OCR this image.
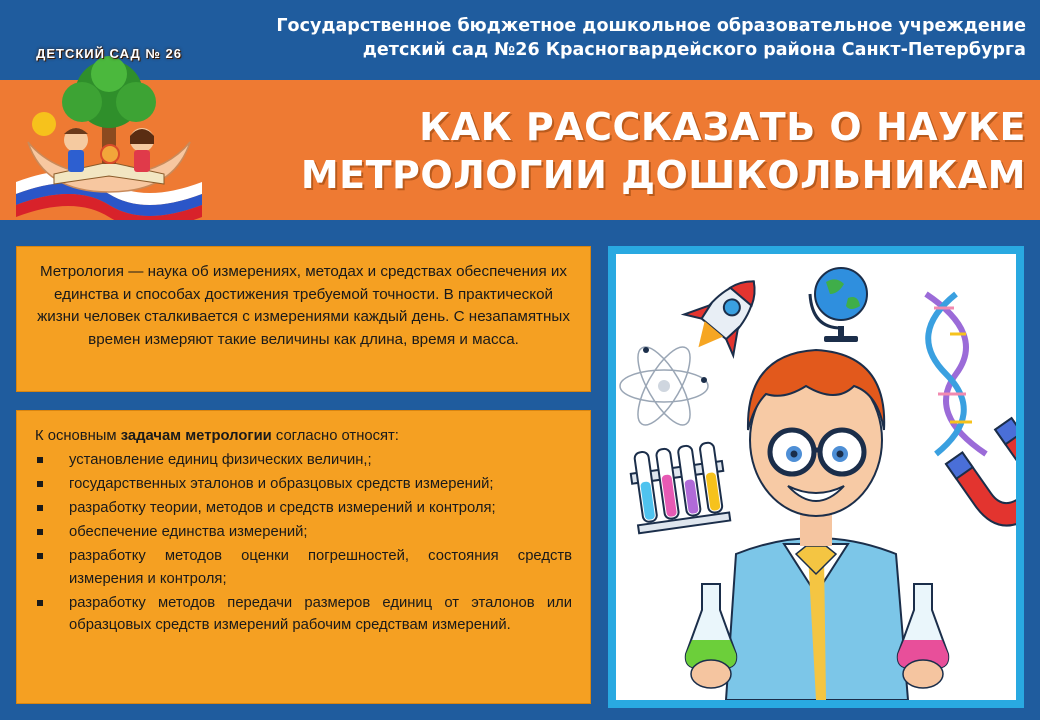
Государственное бюджетное дошкольное образовательное учреждение
детский сад №26 Красногвардейского района Санкт-Петербурга
КАК РАССКАЗАТЬ О НАУКЕ
МЕТРОЛОГИИ ДОШКОЛЬНИКАМ
ДЕТСКИЙ САД № 26

Метрология — наука об измерениях, методах и средствах обеспечения их единства и способах достижения требуемой точности. В практической жизни человек сталкивается с измерениями каждый день. С незапамятных времен измеряют такие величины как длина, время и масса.

К основным задачам метрологии согласно относят:

установление единиц физических величин,;
государственных эталонов и образцовых средств измерений;
разработку теории, методов и средств измерений и контроля;
обеспечение единства измерений;
разработку методов оценки погрешностей, состояния средств измерения и контроля;
разработку методов передачи размеров единиц от эталонов или образцовых средств измерений рабочим средствам измерений.
